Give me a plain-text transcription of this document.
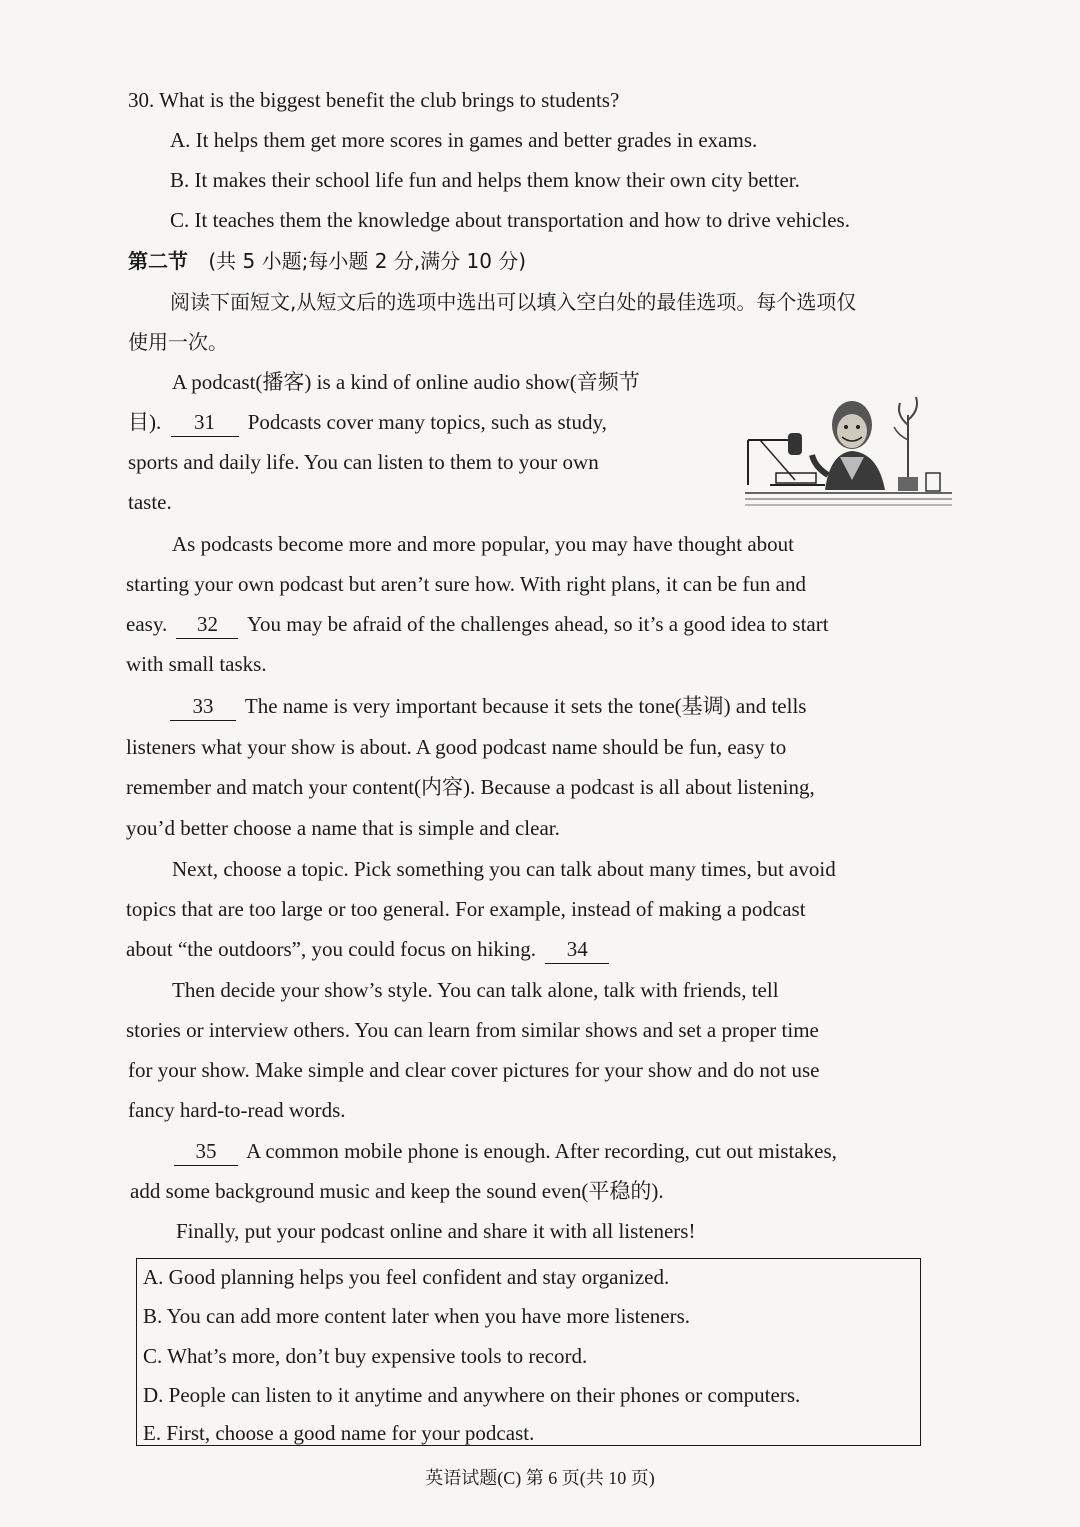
30. What is the biggest benefit the club brings to students?
A. It helps them get more scores in games and better grades in exams.
B. It makes their school life fun and helps them know their own city better.
C. It teaches them the knowledge about transportation and how to drive vehicles.
第二节 (共 5 小题;每小题 2 分,满分 10 分)
阅读下面短文,从短文后的选项中选出可以填入空白处的最佳选项。每个选项仅
使用一次。
A podcast(播客) is a kind of online audio show(音频节
目). 31 Podcasts cover many topics, such as study,
sports and daily life. You can listen to them to your own
taste.
As podcasts become more and more popular, you may have thought about
starting your own podcast but aren’t sure how. With right plans, it can be fun and
easy. 32 You may be afraid of the challenges ahead, so it’s a good idea to start
with small tasks.
33 The name is very important because it sets the tone(基调) and tells
listeners what your show is about. A good podcast name should be fun, easy to
remember and match your content(内容). Because a podcast is all about listening,
you’d better choose a name that is simple and clear.
Next, choose a topic. Pick something you can talk about many times, but avoid
topics that are too large or too general. For example, instead of making a podcast
about “the outdoors”, you could focus on hiking. 34
Then decide your show’s style. You can talk alone, talk with friends, tell
stories or interview others. You can learn from similar shows and set a proper time
for your show. Make simple and clear cover pictures for your show and do not use
fancy hard-to-read words.
35 A common mobile phone is enough. After recording, cut out mistakes,
add some background music and keep the sound even(平稳的).
Finally, put your podcast online and share it with all listeners!
A. Good planning helps you feel confident and stay organized.
B. You can add more content later when you have more listeners.
C. What’s more, don’t buy expensive tools to record.
D. People can listen to it anytime and anywhere on their phones or computers.
E. First, choose a good name for your podcast.
英语试题(C) 第 6 页(共 10 页)
